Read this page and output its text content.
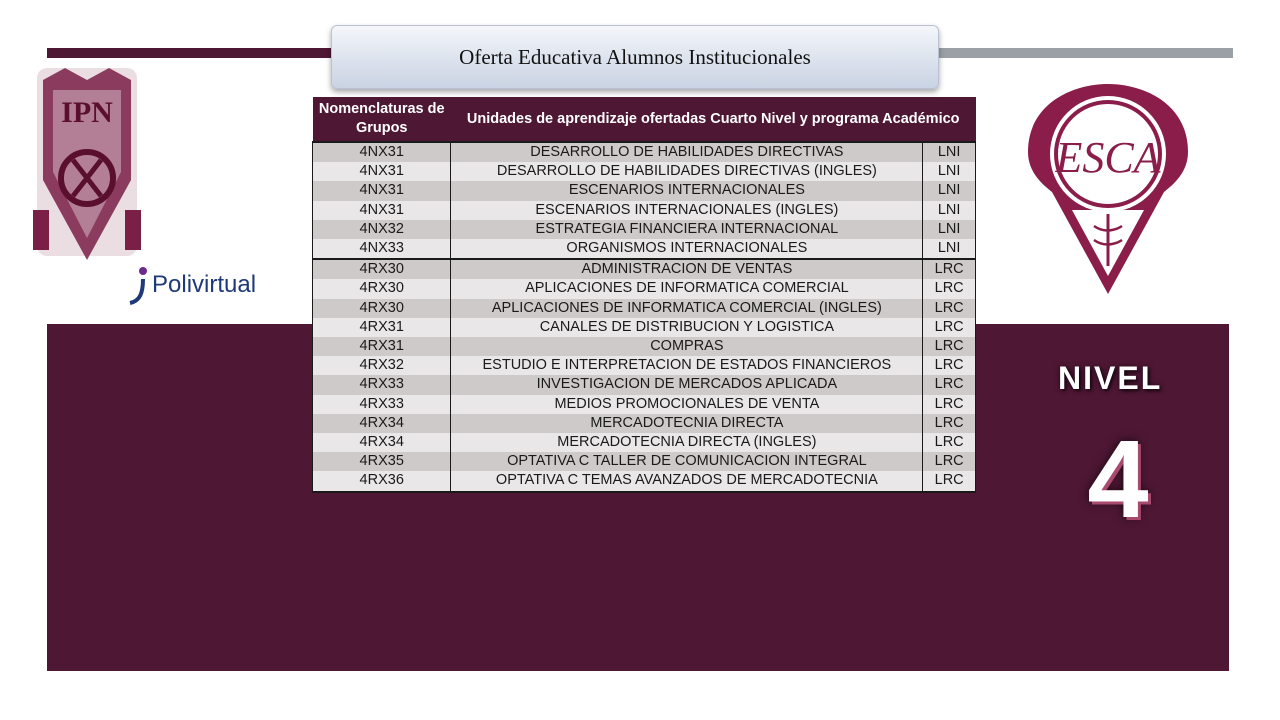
Oferta Educativa Alumnos Institucionales
IPN
Polivirtual
ESCA
NIVEL
4
Nomenclaturas de Grupos	Unidades de aprendizaje ofertadas Cuarto Nivel y programa Académico	
4NX31	DESARROLLO DE HABILIDADES DIRECTIVAS	LNI
4NX31	DESARROLLO DE HABILIDADES DIRECTIVAS (INGLES)	LNI
4NX31	ESCENARIOS INTERNACIONALES	LNI
4NX31	ESCENARIOS INTERNACIONALES (INGLES)	LNI
4NX32	ESTRATEGIA FINANCIERA INTERNACIONAL	LNI
4NX33	ORGANISMOS INTERNACIONALES	LNI
4RX30	ADMINISTRACION DE VENTAS	LRC
4RX30	APLICACIONES DE INFORMATICA COMERCIAL	LRC
4RX30	APLICACIONES DE INFORMATICA COMERCIAL (INGLES)	LRC
4RX31	CANALES DE DISTRIBUCION Y LOGISTICA	LRC
4RX31	COMPRAS	LRC
4RX32	ESTUDIO E INTERPRETACION DE ESTADOS FINANCIEROS	LRC
4RX33	INVESTIGACION DE MERCADOS APLICADA	LRC
4RX33	MEDIOS PROMOCIONALES DE VENTA	LRC
4RX34	MERCADOTECNIA DIRECTA	LRC
4RX34	MERCADOTECNIA DIRECTA (INGLES)	LRC
4RX35	OPTATIVA C TALLER DE COMUNICACION INTEGRAL	LRC
4RX36	OPTATIVA C TEMAS AVANZADOS DE MERCADOTECNIA	LRC
